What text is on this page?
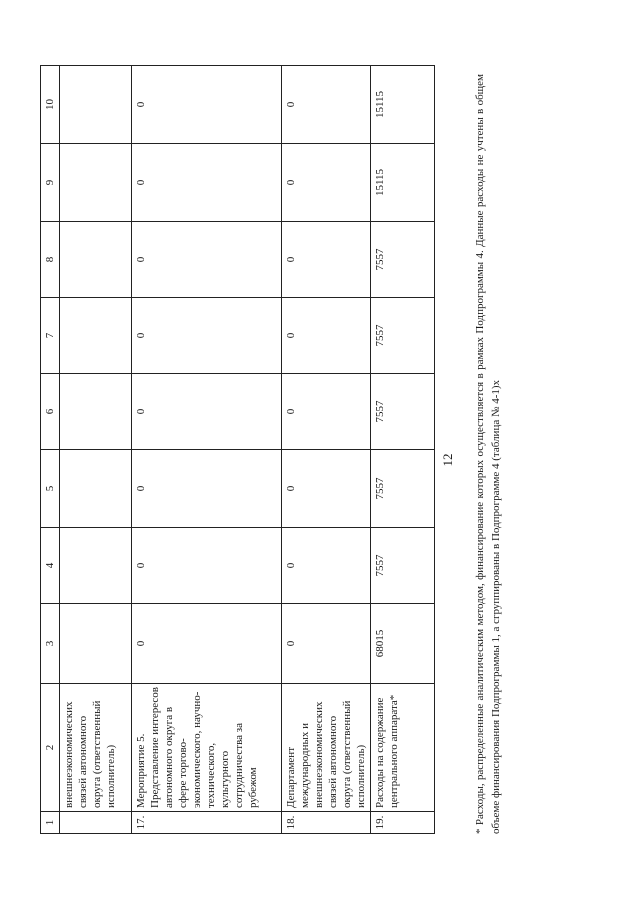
1	2	3	4	5	6	7	8	9	10
	внешнеэкономических связей автономного округа (ответственный исполнитель)								
17.	Мероприятие 5. Представление интересов автономного округа в сфере торгово-экономического, научно-технического, культурного сотрудничества за рубежом	0	0	0	0	0	0	0	0
18.	Департамент международных и внешнеэкономических связей автономного округа (ответственный исполнитель)	0	0	0	0	0	0	0	0
19.	Расходы на содержание центрального аппарата*	68015	7557	7557	7557	7557	7557	15115	15115
12 * Расходы, распределенные аналитическим методом, финансирование которых осуществляется в рамках Подпрограммы 4. Данные расходы не учтены в общем объеме финансирования Подпрограммы 1, а сгруппированы в Подпрограмме 4 (таблица № 4-1)х
